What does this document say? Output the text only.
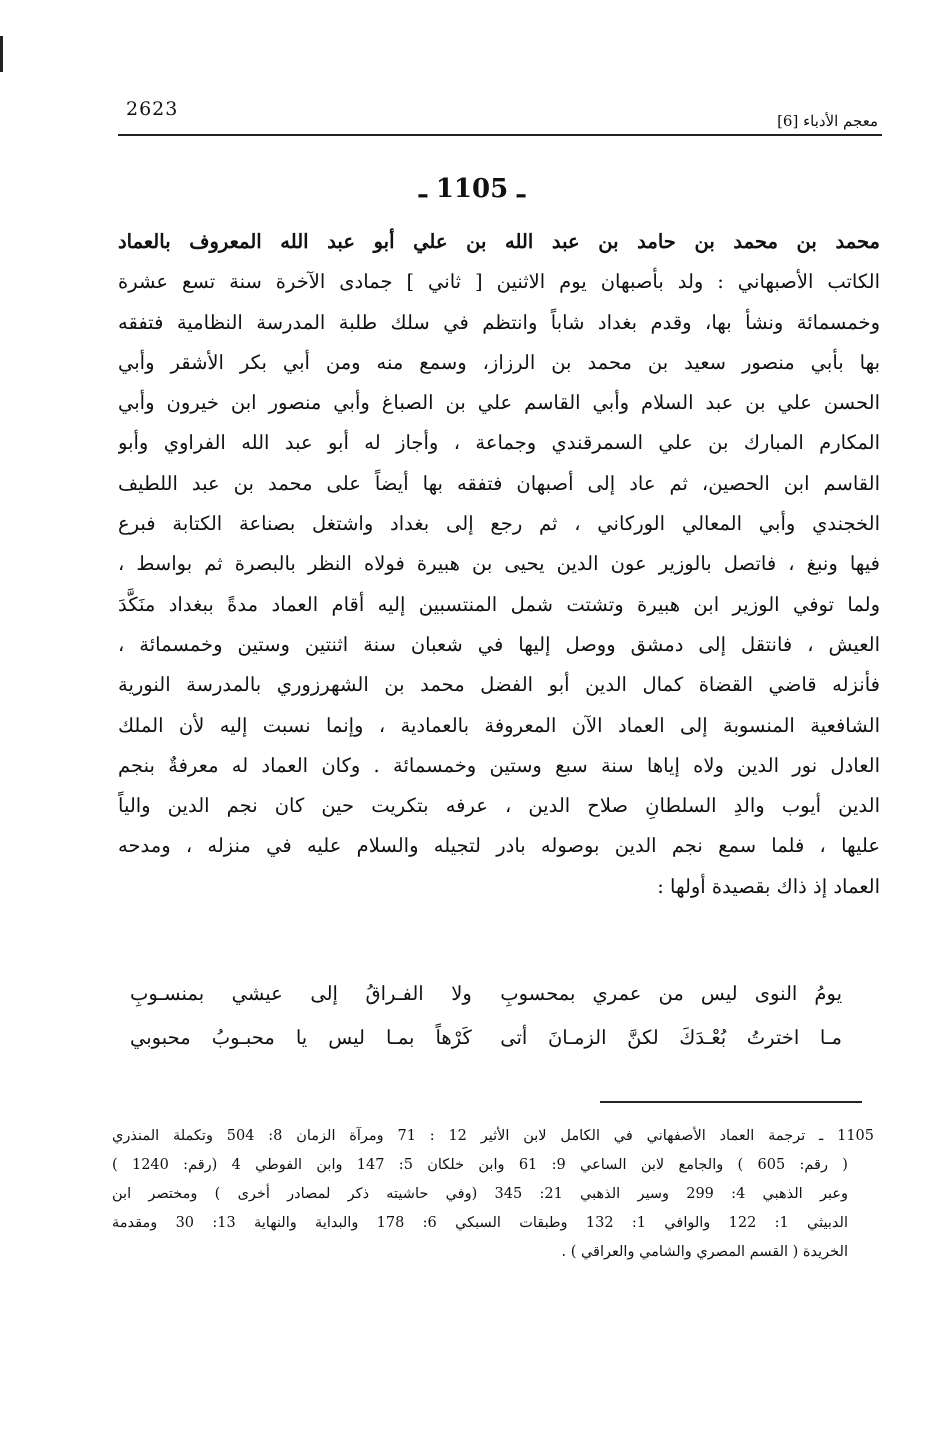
2623
معجم الأدباء [6]
ـ 1105 ـ
محمد بن محمد بن حامد بن عبد الله بن علي أبو عبد الله المعروف بالعماد
الكاتب الأصبهاني : ولد بأصبهان يوم الاثنين [ ثاني ] جمادى الآخرة سنة تسع عشرة
وخمسمائة ونشأ بها، وقدم بغداد شاباً وانتظم في سلك طلبة المدرسة النظامية فتفقه
بها بأبي منصور سعيد بن محمد بن الرزاز، وسمع منه ومن أبي بكر الأشقر وأبي
الحسن علي بن عبد السلام وأبي القاسم علي بن الصباغ وأبي منصور ابن خيرون وأبي
المكارم المبارك بن علي السمرقندي وجماعة ، وأجاز له أبو عبد الله الفراوي وأبو
القاسم ابن الحصين، ثم عاد إلى أصبهان فتفقه بها أيضاً على محمد بن عبد اللطيف
الخجندي وأبي المعالي الوركاني ، ثم رجع إلى بغداد واشتغل بصناعة الكتابة فبرع
فيها ونبغ ، فاتصل بالوزير عون الدين يحيى بن هبيرة فولاه النظر بالبصرة ثم بواسط ،
ولما توفي الوزير ابن هبيرة وتشتت شمل المنتسبين إليه أقام العماد مدةً ببغداد منَكَّدَ
العيش ، فانتقل إلى دمشق ووصل إليها في شعبان سنة اثنتين وستين وخمسمائة ،
فأنزله قاضي القضاة كمال الدين أبو الفضل محمد بن الشهرزوري بالمدرسة النورية
الشافعية المنسوبة إلى العماد الآن المعروفة بالعمادية ، وإنما نسبت إليه لأن الملك
العادل نور الدين ولاه إياها سنة سبع وستين وخمسمائة . وكان العماد له معرفةٌ بنجم
الدين أيوب والدِ السلطانِ صلاح الدين ، عرفه بتكريت حين كان نجم الدين والياً
عليها ، فلما سمع نجم الدين بوصوله بادر لتجيله والسلام عليه في منزله ، ومدحه
العماد إذ ذاك بقصيدة أولها :
يومُ النوى ليس من عمري بمحسوبِ
ولا الفـراقُ إلى عيشي بمنسـوبِ
مـا اخترتُ بُعْـدَكَ لكنَّ الزمـانَ أتى
كَرْهاً بمـا ليس يا محبـوبُ محبوبي
1105 ـ ترجمة العماد الأصفهاني في الكامل لابن الأثير 12 : 71 ومرآة الزمان 8: 504 وتكملة المنذري
( رقم: 605 ) والجامع لابن الساعي 9: 61 وابن خلكان 5: 147 وابن الفوطي 4 (رقم: 1240 )
وعبر الذهبي 4: 299 وسير الذهبي 21: 345 (وفي حاشيته ذكر لمصادر أخرى ) ومختصر ابن
الدبيثي 1: 122 والوافي 1: 132 وطبقات السبكي 6: 178 والبداية والنهاية 13: 30 ومقدمة
الخريدة ( القسم المصري والشامي والعراقي ) .
